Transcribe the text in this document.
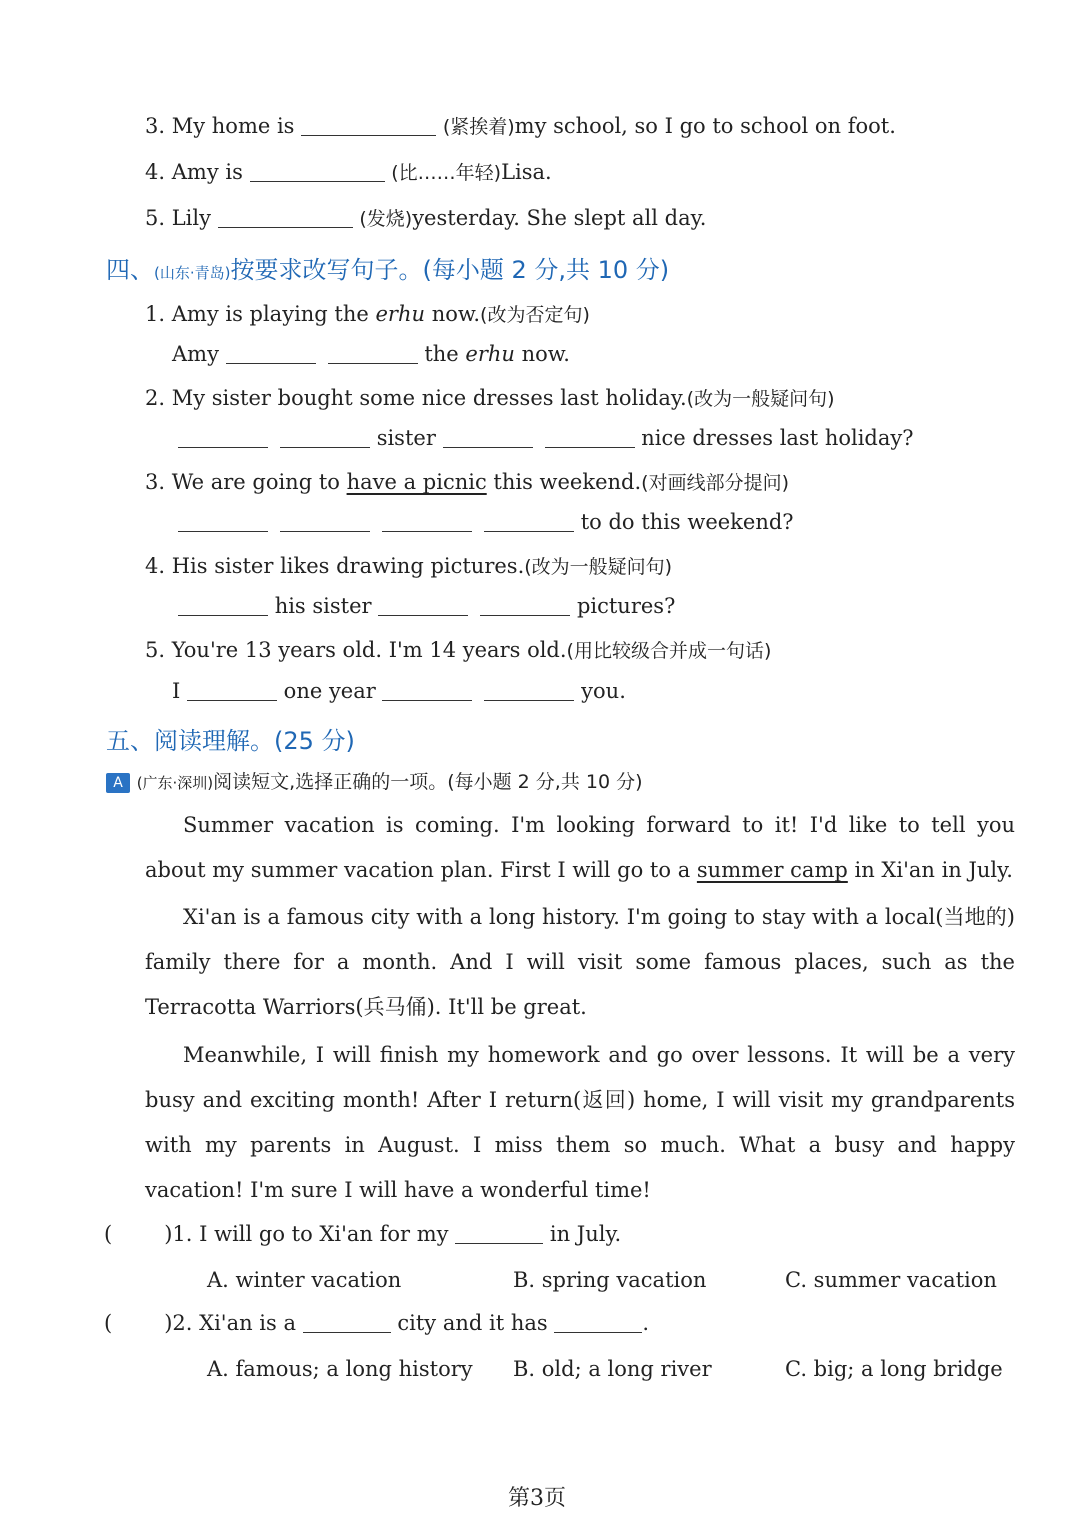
3. My home is	(紧挨着)my school, so I go to school on foot.
4. Amy is	(比……年轻)Lisa.
5. Lily	(发烧)yesterday. She slept all day.
四、(山东·青岛)按要求改写句子。(每小题 2 分,共 10 分)
1. Amy is playing the erhu now.(改为否定句)
Amy	the erhu now.
2. My sister bought some nice dresses last holiday.(改为一般疑问句)
sister	nice dresses last holiday?
3. We are going to have a picnic this weekend.(对画线部分提问)
to do this weekend?
4. His sister likes drawing pictures.(改为一般疑问句)
his sister	pictures?
5. You're 13 years old. I'm 14 years old.(用比较级合并成一句话)
I	one year	you.
五、阅读理解。(25 分)
A (广东·深圳)阅读短文,选择正确的一项。(每小题 2 分,共 10 分)
Summer vacation is coming. I'm looking forward to it! I'd like to tell you about my summer vacation plan. First I will go to a summer camp in Xi'an in July.
Xi'an is a famous city with a long history. I'm going to stay with a local(当地的) family there for a month. And I will visit some famous places, such as the Terracotta Warriors(兵马俑). It'll be great.
Meanwhile, I will finish my homework and go over lessons. It will be a very busy and exciting month! After I return(返回) home, I will visit my grandparents with my parents in August. I miss them so much. What a busy and happy vacation! I'm sure I will have a wonderful time!
( )1. I will go to Xi'an for my	in July.
A. winter vacation	B. spring vacation	C. summer vacation
( )2. Xi'an is a	city and it has	.
A. famous; a long history B. old; a long river	C. big; a long bridge
第3页
